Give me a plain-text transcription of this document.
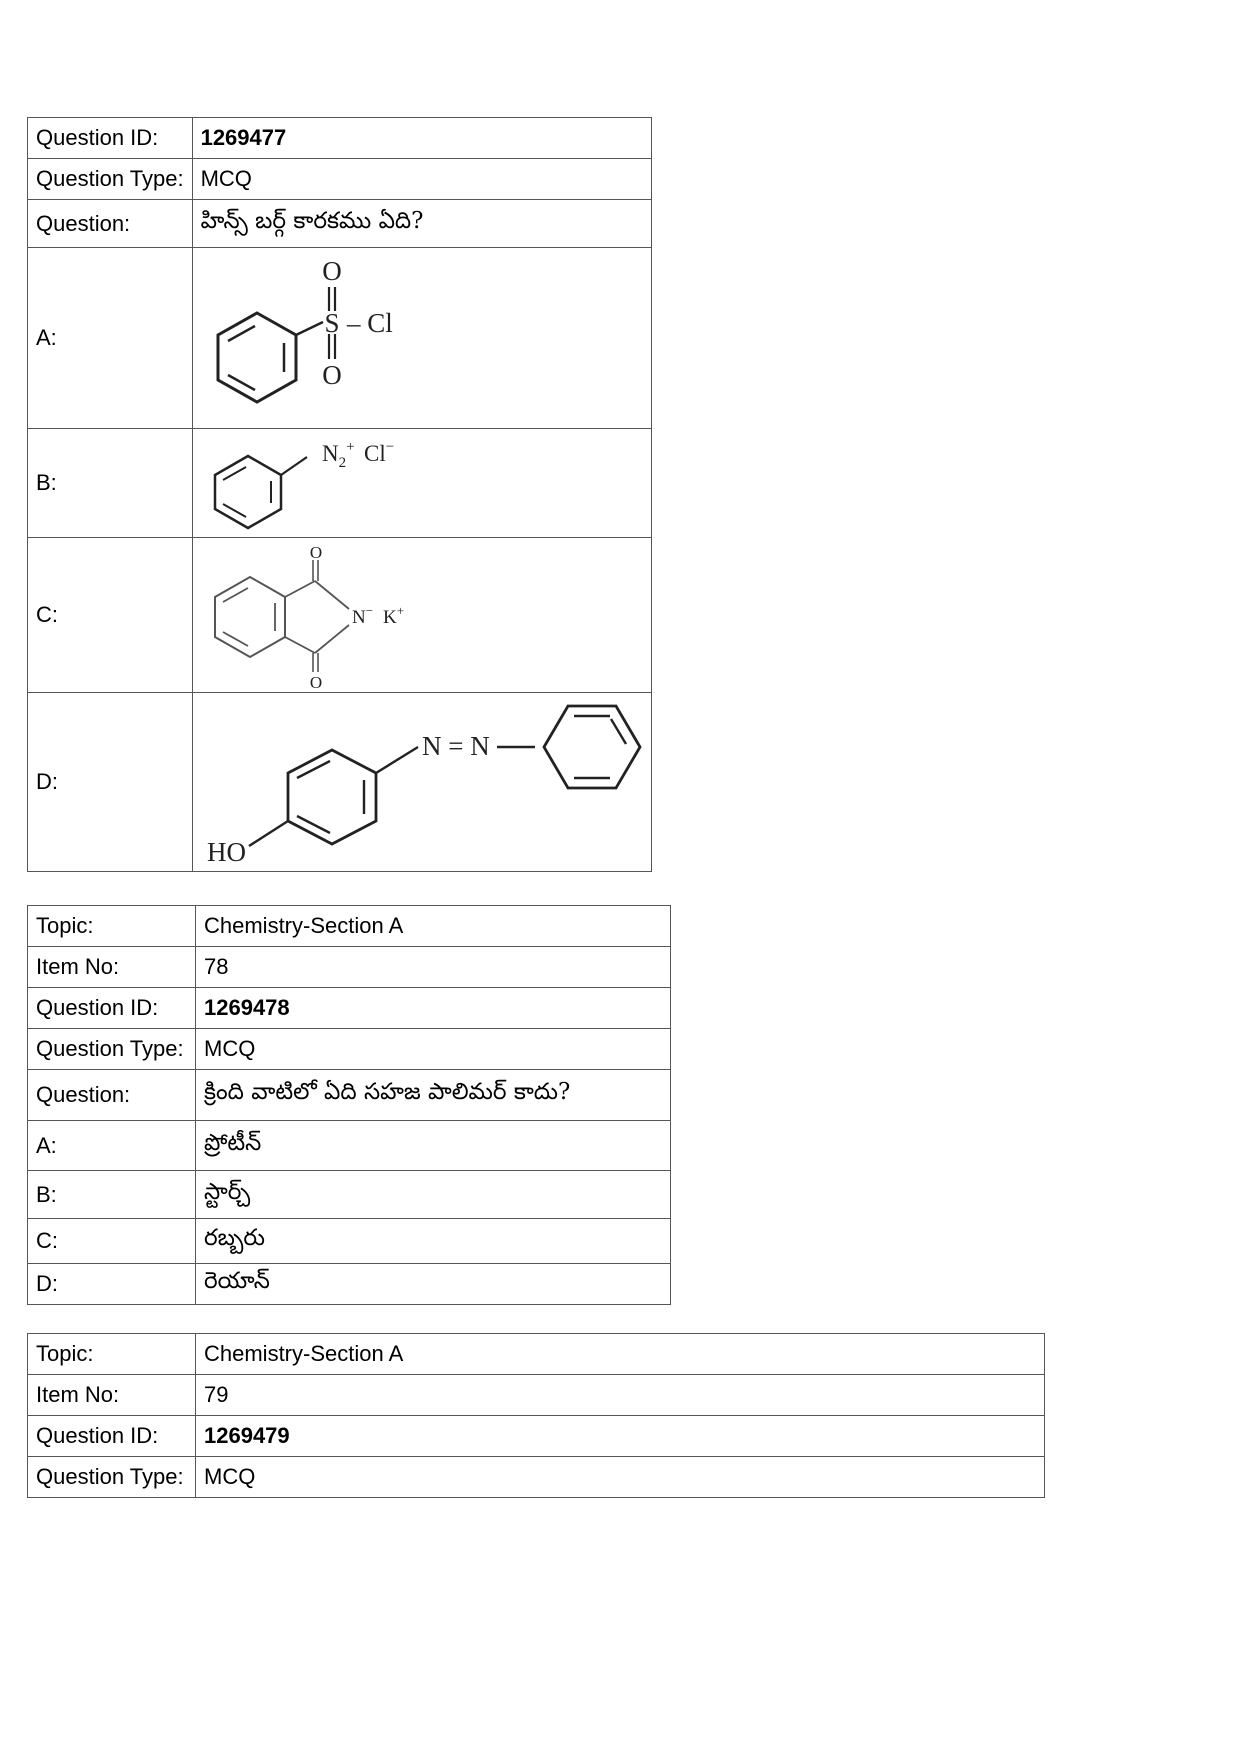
Question ID:	1269477
Question Type:	MCQ
Question:	హిన్స్ బర్గ్ కారకము ఏది?
A:	O
S – Cl
O

B:	$N_2^+$ Cl−

C:	O
N− K+
O

D:	N = N
HO
Topic:	Chemistry-Section A
Item No:	78
Question ID:	1269478
Question Type:	MCQ
Question:	క్రింది వాటిలో ఏది సహజ పాలిమర్ కాదు?
A:	ప్రోటీన్
B:	స్టార్చ్
C:	రబ్బరు
D:	రెయాన్
Topic:	Chemistry-Section A
Item No:	79
Question ID:	1269479
Question Type:	MCQ
